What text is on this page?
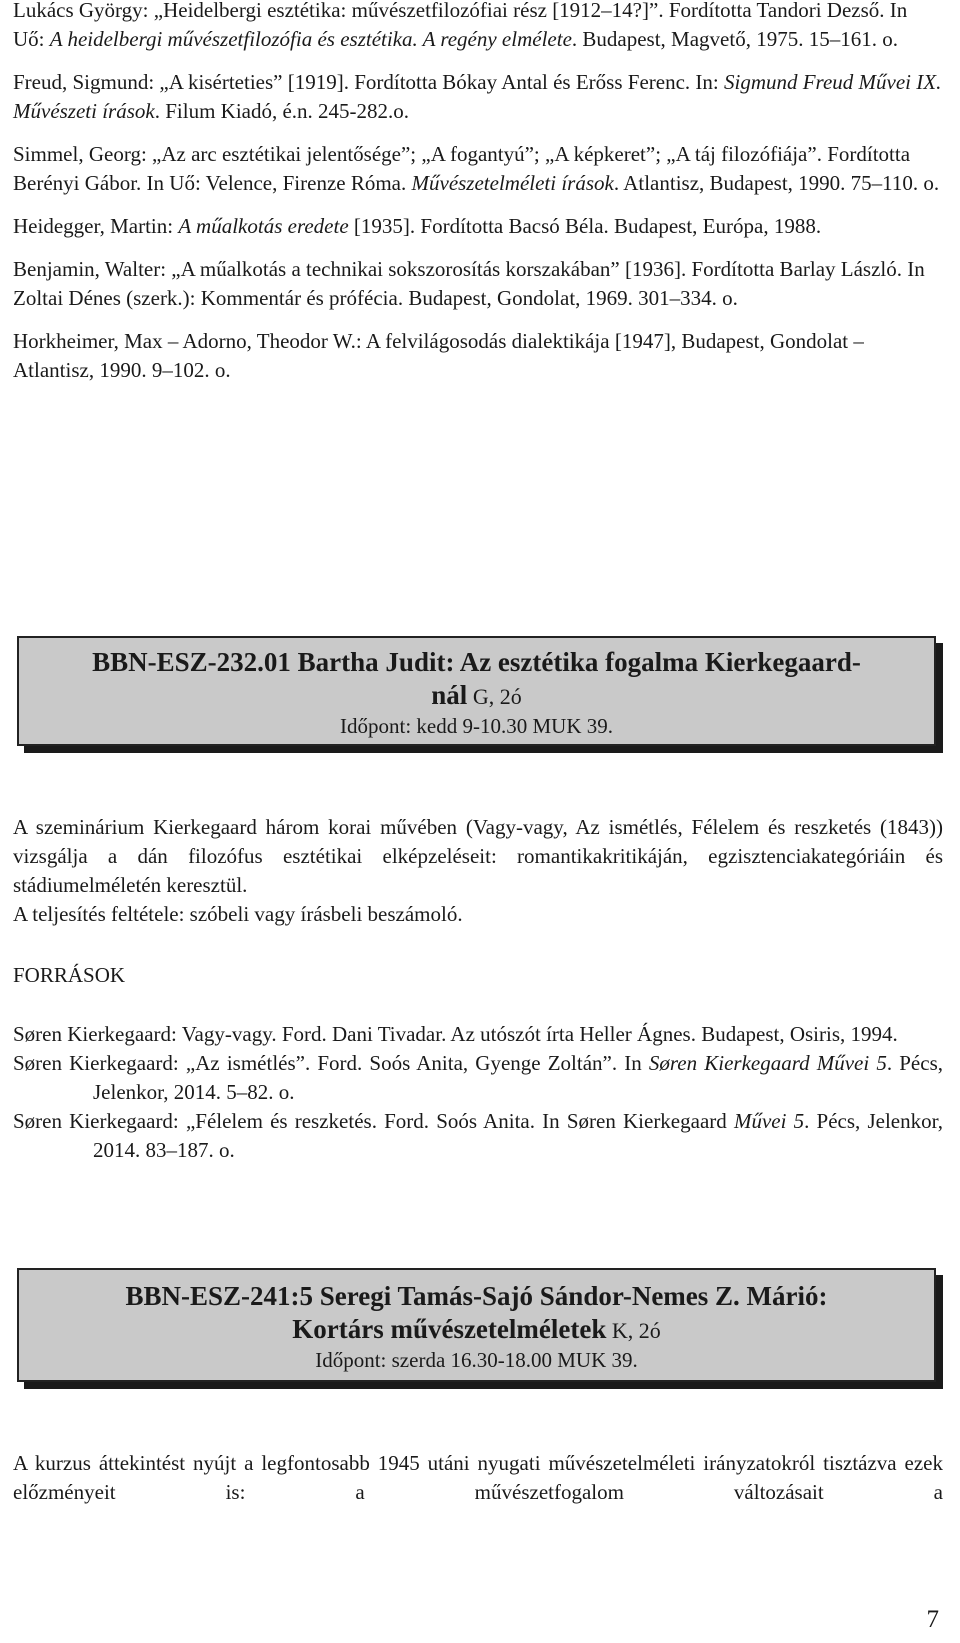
Lukács György: „Heidelbergi esztétika: művészetfilozófiai rész [1912–14?]”. Fordította Tandori Dezső. In Uő: A heidelbergi művészetfilozófia és esztétika. A regény elmélete. Budapest, Magvető, 1975. 15–161. o.

Freud, Sigmund: „A kisérteties” [1919]. Fordította Bókay Antal és Erőss Ferenc. In: Sigmund Freud Művei IX. Művészeti írások. Filum Kiadó, é.n. 245-282.o.

Simmel, Georg: „Az arc esztétikai jelentősége”; „A fogantyú”; „A képkeret”; „A táj filozófiája”. Fordította Berényi Gábor. In Uő: Velence, Firenze Róma. Művészetelméleti írások. Atlantisz, Budapest, 1990. 75–110. o.

Heidegger, Martin: A műalkotás eredete [1935]. Fordította Bacsó Béla. Budapest, Európa, 1988.

Benjamin, Walter: „A műalkotás a technikai sokszorosítás korszakában” [1936]. Fordította Barlay László. In Zoltai Dénes (szerk.): Kommentár és prófécia. Budapest, Gondolat, 1969. 301–334. o.

Horkheimer, Max – Adorno, Theodor W.: A felvilágosodás dialektikája [1947], Budapest, Gondolat – Atlantisz, 1990. 9–102. o.

BBN-ESZ-232.01 Bartha Judit: Az esztétika fogalma Kierkegaard-
nál G, 2ó
Időpont: kedd 9-10.30 MUK 39.

A szeminárium Kierkegaard három korai művében (Vagy-vagy, Az ismétlés, Félelem és reszketés (1843)) vizsgálja a dán filozófus esztétikai elképzeléseit: romantikakritikáján, egzisztenciakategóriáin és stádiumelméletén keresztül.

A teljesítés feltétele: szóbeli vagy írásbeli beszámoló.

FORRÁSOK

Søren Kierkegaard: Vagy-vagy. Ford. Dani Tivadar. Az utószót írta Heller Ágnes. Budapest, Osiris, 1994.

Søren Kierkegaard: „Az ismétlés”. Ford. Soós Anita, Gyenge Zoltán”. In Søren Kierkegaard Művei 5. Pécs, Jelenkor, 2014. 5–82. o.

Søren Kierkegaard: „Félelem és reszketés. Ford. Soós Anita. In Søren Kierkegaard Művei 5. Pécs, Jelenkor, 2014. 83–187. o.

BBN-ESZ-241:5 Seregi Tamás-Sajó Sándor-Nemes Z. Márió:
Kortárs művészetelméletek K, 2ó
Időpont: szerda 16.30-18.00 MUK 39.

A kurzus áttekintést nyújt a legfontosabb 1945 utáni nyugati művészetelméleti irányzatokról tisztázva ezek előzményeit is: a művészetfogalom változásait a

7
